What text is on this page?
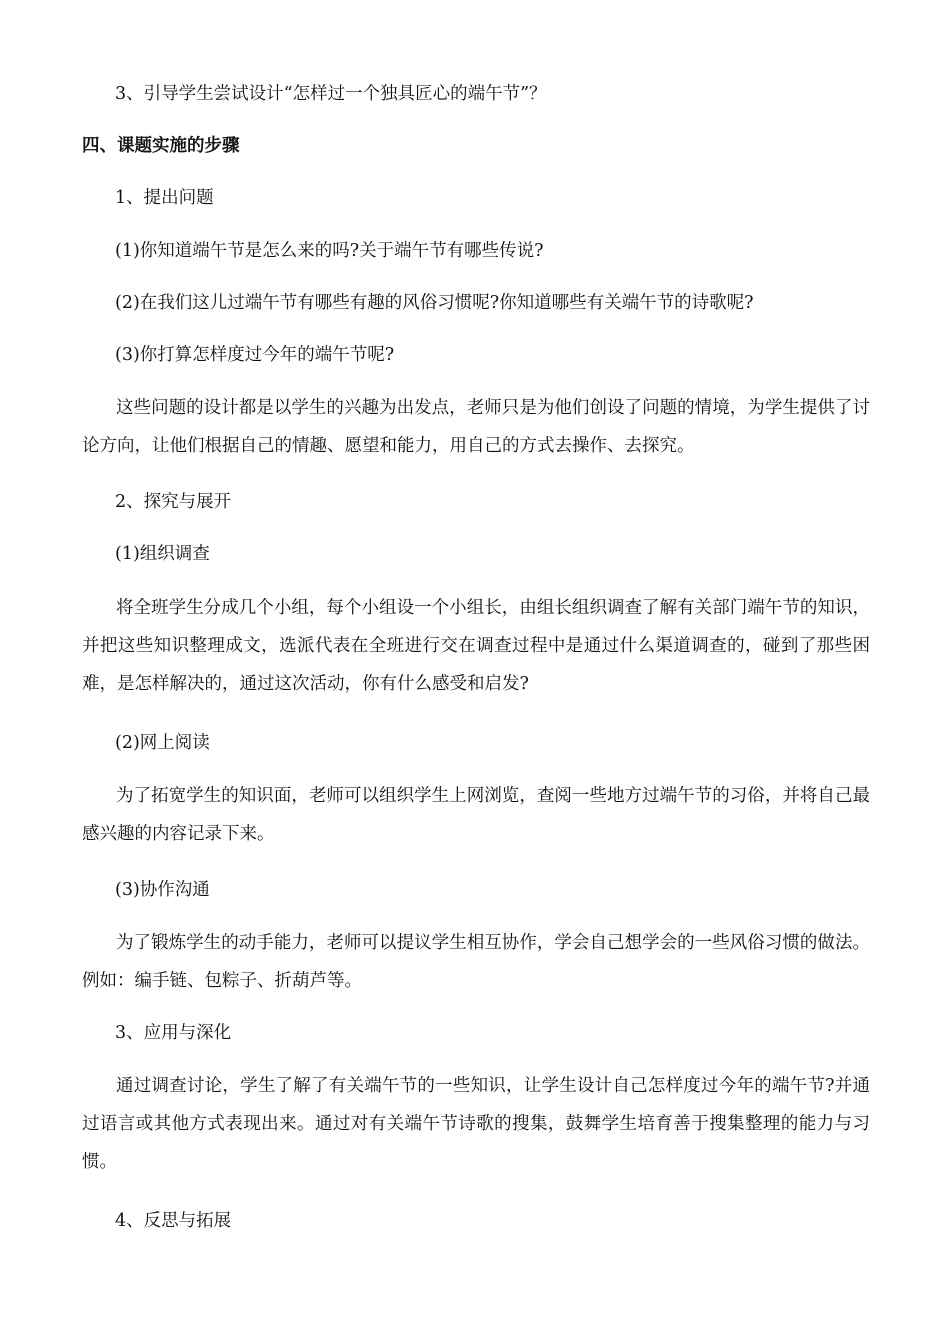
3、引导学生尝试设计“怎样过一个独具匠心的端午节”？
四、课题实施的步骤
1、提出问题
(1)你知道端午节是怎么来的吗?关于端午节有哪些传说?
(2)在我们这儿过端午节有哪些有趣的风俗习惯呢?你知道哪些有关端午节的诗歌呢?
(3)你打算怎样度过今年的端午节呢?
这些问题的设计都是以学生的兴趣为出发点，老师只是为他们创设了问题的情境，为学生提供了讨论方向，让他们根据自己的情趣、愿望和能力，用自己的方式去操作、去探究。
2、探究与展开
(1)组织调查
将全班学生分成几个小组，每个小组设一个小组长，由组长组织调查了解有关部门端午节的知识，并把这些知识整理成文，选派代表在全班进行交在调查过程中是通过什么渠道调查的，碰到了那些困难，是怎样解决的，通过这次活动，你有什么感受和启发?
(2)网上阅读
为了拓宽学生的知识面，老师可以组织学生上网浏览，查阅一些地方过端午节的习俗，并将自己最感兴趣的内容记录下来。
(3)协作沟通
为了锻炼学生的动手能力，老师可以提议学生相互协作，学会自己想学会的一些风俗习惯的做法。例如：编手链、包粽子、折葫芦等。
3、应用与深化
通过调查讨论，学生了解了有关端午节的一些知识，让学生设计自己怎样度过今年的端午节?并通过语言或其他方式表现出来。通过对有关端午节诗歌的搜集，鼓舞学生培育善于搜集整理的能力与习惯。
4、反思与拓展
